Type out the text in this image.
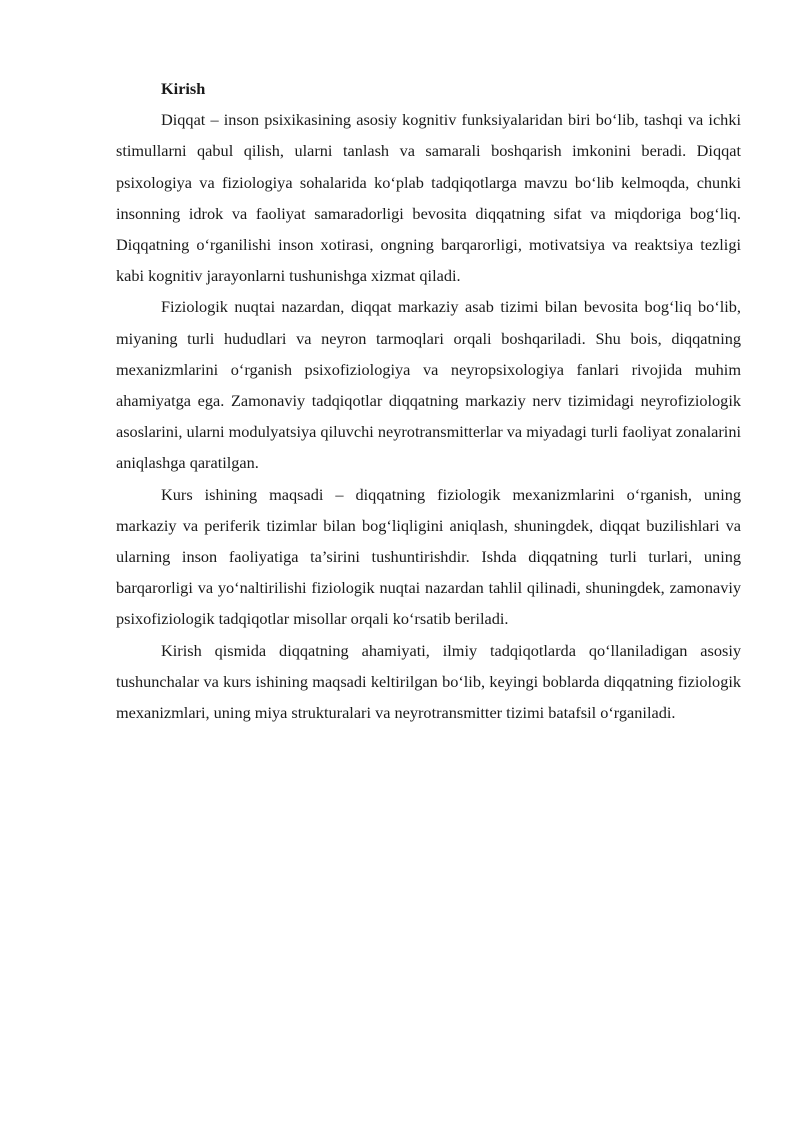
Kirish

Diqqat – inson psixikasining asosiy kognitiv funksiyalaridan biri bo‘lib, tashqi va ichki stimullarni qabul qilish, ularni tanlash va samarali boshqarish imkonini beradi. Diqqat psixologiya va fiziologiya sohalarida ko‘plab tadqiqotlarga mavzu bo‘lib kelmoqda, chunki insonning idrok va faoliyat samaradorligi bevosita diqqatning sifat va miqdoriga bog‘liq. Diqqatning o‘rganilishi inson xotirasi, ongning barqarorligi, motivatsiya va reaktsiya tezligi kabi kognitiv jarayonlarni tushunishga xizmat qiladi.

Fiziologik nuqtai nazardan, diqqat markaziy asab tizimi bilan bevosita bog‘liq bo‘lib, miyaning turli hududlari va neyron tarmoqlari orqali boshqariladi. Shu bois, diqqatning mexanizmlarini o‘rganish psixofiziologiya va neyropsixologiya fanlari rivojida muhim ahamiyatga ega. Zamonaviy tadqiqotlar diqqatning markaziy nerv tizimidagi neyrofiziologik asoslarini, ularni modulyatsiya qiluvchi neyrotransmitterlar va miyadagi turli faoliyat zonalarini aniqlashga qaratilgan.

Kurs ishining maqsadi – diqqatning fiziologik mexanizmlarini o‘rganish, uning markaziy va periferik tizimlar bilan bog‘liqligini aniqlash, shuningdek, diqqat buzilishlari va ularning inson faoliyatiga ta’sirini tushuntirishdir. Ishda diqqatning turli turlari, uning barqarorligi va yo‘naltirilishi fiziologik nuqtai nazardan tahlil qilinadi, shuningdek, zamonaviy psixofiziologik tadqiqotlar misollar orqali ko‘rsatib beriladi.

Kirish qismida diqqatning ahamiyati, ilmiy tadqiqotlarda qo‘llaniladigan asosiy tushunchalar va kurs ishining maqsadi keltirilgan bo‘lib, keyingi boblarda diqqatning fiziologik mexanizmlari, uning miya strukturalari va neyrotransmitter tizimi batafsil o‘rganiladi.
